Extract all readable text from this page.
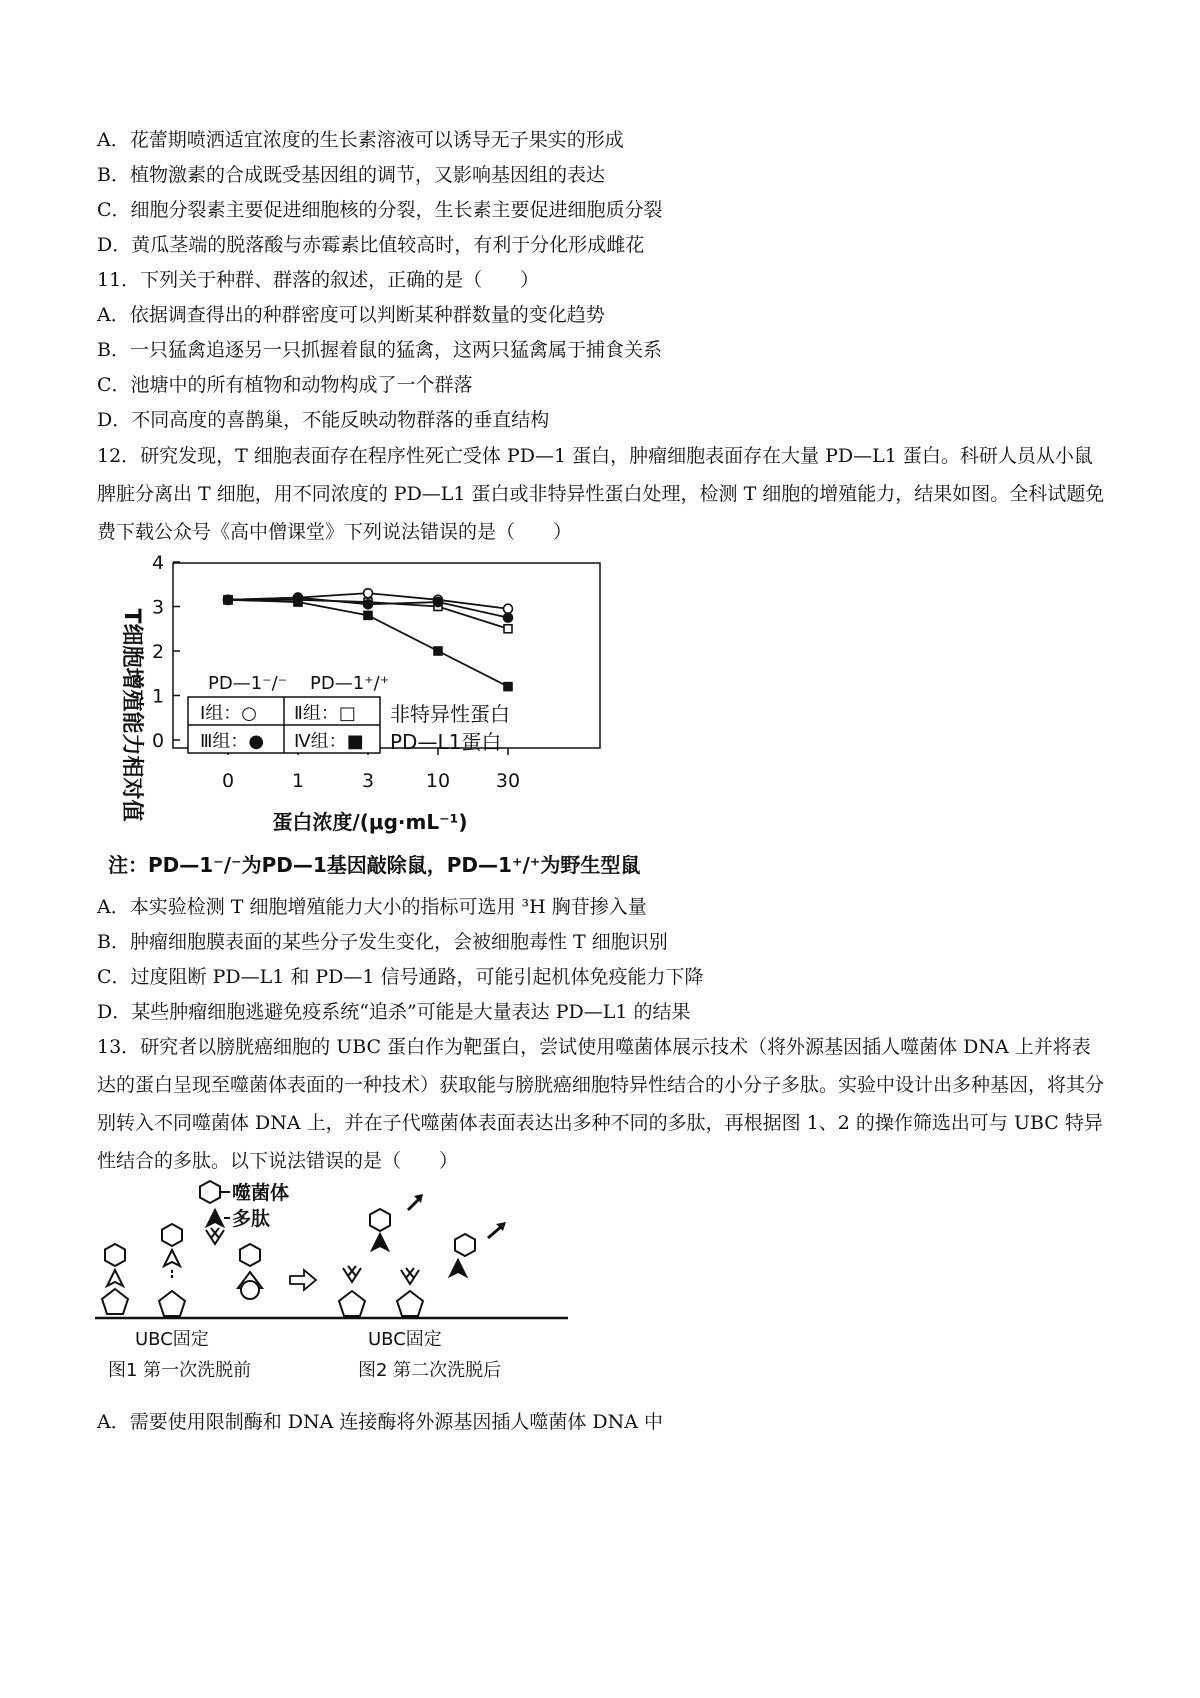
A．花蕾期喷洒适宜浓度的生长素溶液可以诱导无子果实的形成
B．植物激素的合成既受基因组的调节，又影响基因组的表达
C．细胞分裂素主要促进细胞核的分裂，生长素主要促进细胞质分裂
D．黄瓜茎端的脱落酸与赤霉素比值较高时，有利于分化形成雌花
11．下列关于种群、群落的叙述，正确的是（　　）
A．依据调查得出的种群密度可以判断某种群数量的变化趋势
B．一只猛禽追逐另一只抓握着鼠的猛禽，这两只猛禽属于捕食关系
C．池塘中的所有植物和动物构成了一个群落
D．不同高度的喜鹊巢，不能反映动物群落的垂直结构
12．研究发现，T 细胞表面存在程序性死亡受体 PD—1 蛋白，肿瘤细胞表面存在大量 PD—L1 蛋白。科研人员从小鼠脾脏分离出 T 细胞，用不同浓度的 PD—L1 蛋白或非特异性蛋白处理，检测 T 细胞的增殖能力，结果如图。全科试题免费下载公众号《高中僧课堂》下列说法错误的是（　　）
T细胞增殖能力相对值 0
1
2
3
4
0	1	3	10 30
PD—1⁻/⁻ PD—1⁺/⁺
Ⅰ组：○ Ⅱ组：□
Ⅲ组：● Ⅳ组：■
非特异性蛋白
PD—L1蛋白
蛋白浓度/(μg·mL⁻¹)
注：PD—1⁻/⁻为PD—1基因敲除鼠，PD—1⁺/⁺为野生型鼠
A．本实验检测 T 细胞增殖能力大小的指标可选用 ³H 胸苷掺入量
B．肿瘤细胞膜表面的某些分子发生变化，会被细胞毒性 T 细胞识别
C．过度阻断 PD—L1 和 PD—1 信号通路，可能引起机体免疫能力下降
D．某些肿瘤细胞逃避免疫系统“追杀”可能是大量表达 PD—L1 的结果
13．研究者以膀胱癌细胞的 UBC 蛋白作为靶蛋白，尝试使用噬菌体展示技术（将外源基因插人噬菌体 DNA 上并将表达的蛋白呈现至噬菌体表面的一种技术）获取能与膀胱癌细胞特异性结合的小分子多肽。实验中设计出多种基因，将其分别转入不同噬菌体 DNA 上，并在子代噬菌体表面表达出多种不同的多肽，再根据图 1、2 的操作筛选出可与 UBC 特异性结合的多肽。以下说法错误的是（　　）
噬菌体
多肽
UBC固定	UBC固定
图1 第一次洗脱前	图2 第二次洗脱后
A．需要使用限制酶和 DNA 连接酶将外源基因插人噬菌体 DNA 中
